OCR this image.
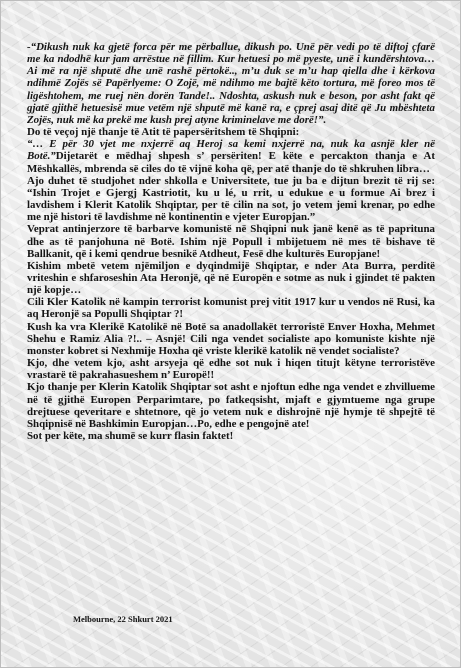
-“Dikush nuk ka gjetë forca për me përballue, dikush po. Unë për vedi po të diftoj çfarë me ka ndodhë kur jam arrëstue në fillim. Kur hetuesi po më pyeste, unë i kundërshtova…Ai më ra një shputë dhe unë rashë përtokë.., m’u duk se m’u hap qiella dhe i kërkova ndihmë Zojës së Papërlyeme: O Zojë, më ndihmo me bajtë këto tortura, më foreo mos të ligështohem, me ruej nën dorën Tande!.. Ndoshta, askush nuk e beson, por asht fakt që gjatë gjithë hetuesisë mue vetëm një shputë më kanë ra, e çprej asaj ditë që Ju mbështeta Zojës, nuk më ka prekë me kush prej atyne kriminelave me dorë!”.

Do të veçoj një thanje të Atit të papersëritshem të Shqipni:

“… E për 30 vjet me nxjerrë aq Heroj sa kemi nxjerrë na, nuk ka asnjë kler në Botë.”Dijetarët e mëdhaj shpesh s’ persëriten! E këte e percakton thanja e At Mëshkallës, mbrenda së ciles do të vijnë koha që, per atë thanje do të shkruhen libra…

Ajo duhet të studjohet nder shkolla e Universitete, tue ju ba e dijtun brezit të rij se: “Ishin Trojet e Gjergj Kastriotit, ku u lé, u rrit, u edukue e u formue Ai brez i lavdishem i Klerit Katolik Shqiptar, per të cilin na sot, jo vetem jemi krenar, po edhe me një histori të lavdishme në kontinentin e vjeter Europjan.”

Veprat antinjerzore të barbarve komunistë në Shqipni nuk janë kenë as të paprituna dhe as të panjohuna në Botë. Ishim një Popull i mbijetuem në mes të bishave të Ballkanit, që i kemi qendrue besnikë Atdheut, Fesë dhe kulturës Europjane!

Kishim mbetë vetem njëmiljon e dyqindmijë Shqiptar, e nder Ata Burra, perditë vriteshin e shfaroseshin Ata Heronjë, që në Europën e sotme as nuk i gjindet të pakten një kopje…

Cili Kler Katolik në kampin terrorist komunist prej vitit 1917 kur u vendos në Rusi, ka aq Heronjë sa Populli Shqiptar ?!

Kush ka vra Klerikë Katolikë në Botë sa anadollakët terroristë Enver Hoxha, Mehmet Shehu e Ramiz Alia ?!.. – Asnjë! Cili nga vendet socialiste apo komuniste kishte një monster kobret si Nexhmije Hoxha që vriste klerikë katolik në vendet socialiste?

Kjo, dhe vetem kjo, asht arsyeja që edhe sot nuk i hiqen titujt këtyne terroristëve vrastarë të pakrahasueshem n’ Europë!!

Kjo thanje per Klerin Katolik Shqiptar sot asht e njoftun edhe nga vendet e zhvillueme në të gjithë Europen Perparimtare, po fatkeqsisht, mjaft e gjymtueme nga grupe drejtuese qeveritare e shtetnore, që jo vetem nuk e dishrojnë një hymje të shpejtë të Shqipnisë në Bashkimin Europjan…Po, edhe e pengojnë ate!

Sot per këte, ma shumë se kurr flasin faktet!

Melbourne, 22 Shkurt 2021
